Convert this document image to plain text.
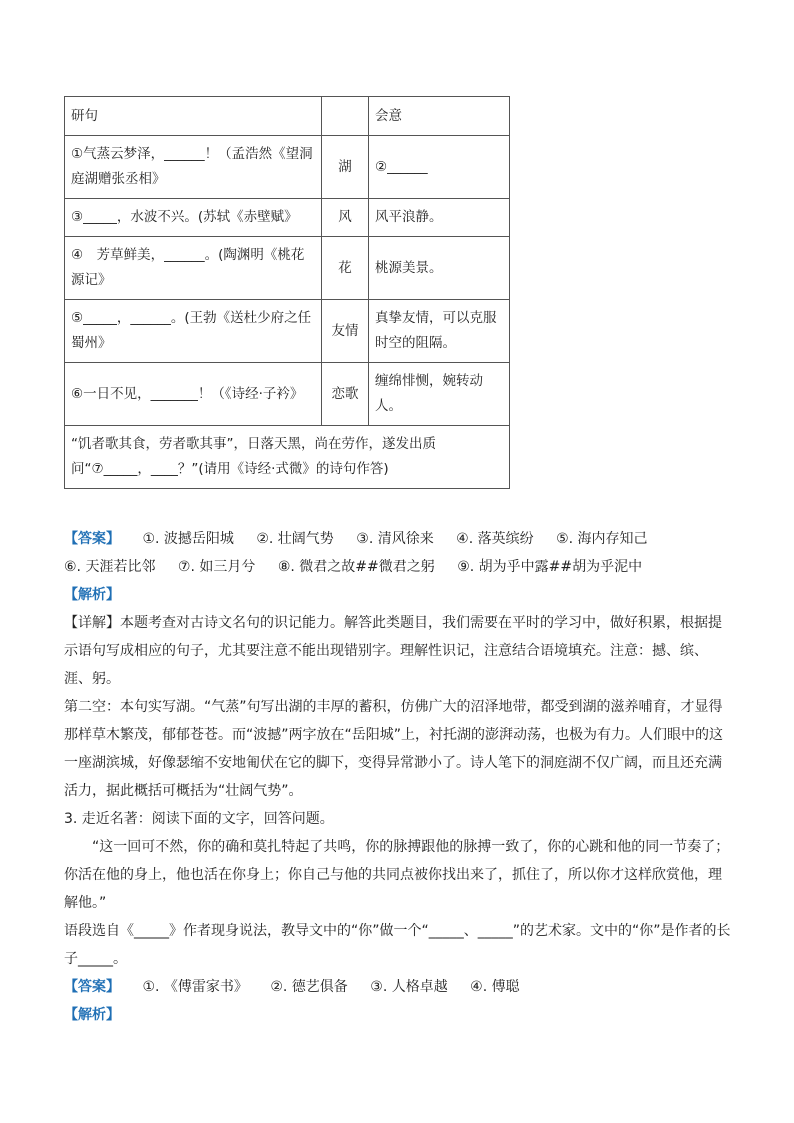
研句		会意
①气蒸云梦泽，______！（孟浩然《望洞庭湖赠张丞相》	湖	②______
③_____，水波不兴。(苏轼《赤壁赋》	风	风平浪静。
④　芳草鲜美，______。(陶渊明《桃花源记》	花	桃源美景。
⑤_____，______。(王勃《送杜少府之任蜀州》	友情	真挚友情，可以克服时空的阻隔。
⑥一日不见，_______！（《诗经·子衿》	恋歌	缠绵悱恻，婉转动人。
“饥者歌其食，劳者歌其事”，日落天黑，尚在劳作，遂发出质问“⑦_____，____？”(请用《诗经·式微》的诗句作答)		
【答案】 ①. 波撼岳阳城 ②. 壮阔气势 ③. 清风徐来 ④. 落英缤纷 ⑤. 海内存知己
⑥. 天涯若比邻 ⑦. 如三月兮 ⑧. 微君之故##微君之躬 ⑨. 胡为乎中露##胡为乎泥中
【解析】
【详解】本题考查对古诗文名句的识记能力。解答此类题目，我们需要在平时的学习中，做好积累，根据提示语句写成相应的句子，尤其要注意不能出现错别字。理解性识记，注意结合语境填充。注意：撼、缤、涯、躬。
第二空：本句实写湖。“气蒸”句写出湖的丰厚的蓄积，仿佛广大的沼泽地带，都受到湖的滋养哺育，才显得那样草木繁茂，郁郁苍苍。而“波撼”两字放在“岳阳城”上，衬托湖的澎湃动荡，也极为有力。人们眼中的这一座湖滨城，好像瑟缩不安地匍伏在它的脚下，变得异常渺小了。诗人笔下的洞庭湖不仅广阔，而且还充满活力，据此概括可概括为“壮阔气势”。
3. 走近名著：阅读下面的文字，回答问题。
“这一回可不然，你的确和莫扎特起了共鸣，你的脉搏跟他的脉搏一致了，你的心跳和他的同一节奏了；你活在他的身上，他也活在你身上；你自己与他的共同点被你找出来了，抓住了，所以你才这样欣赏他，理解他。”
语段选自《_____》作者现身说法，教导文中的“你”做一个“_____、_____”的艺术家。文中的“你”是作者的长子_____。
【答案】 ①. 《傅雷家书》 ②. 德艺俱备 ③. 人格卓越 ④. 傅聪
【解析】
